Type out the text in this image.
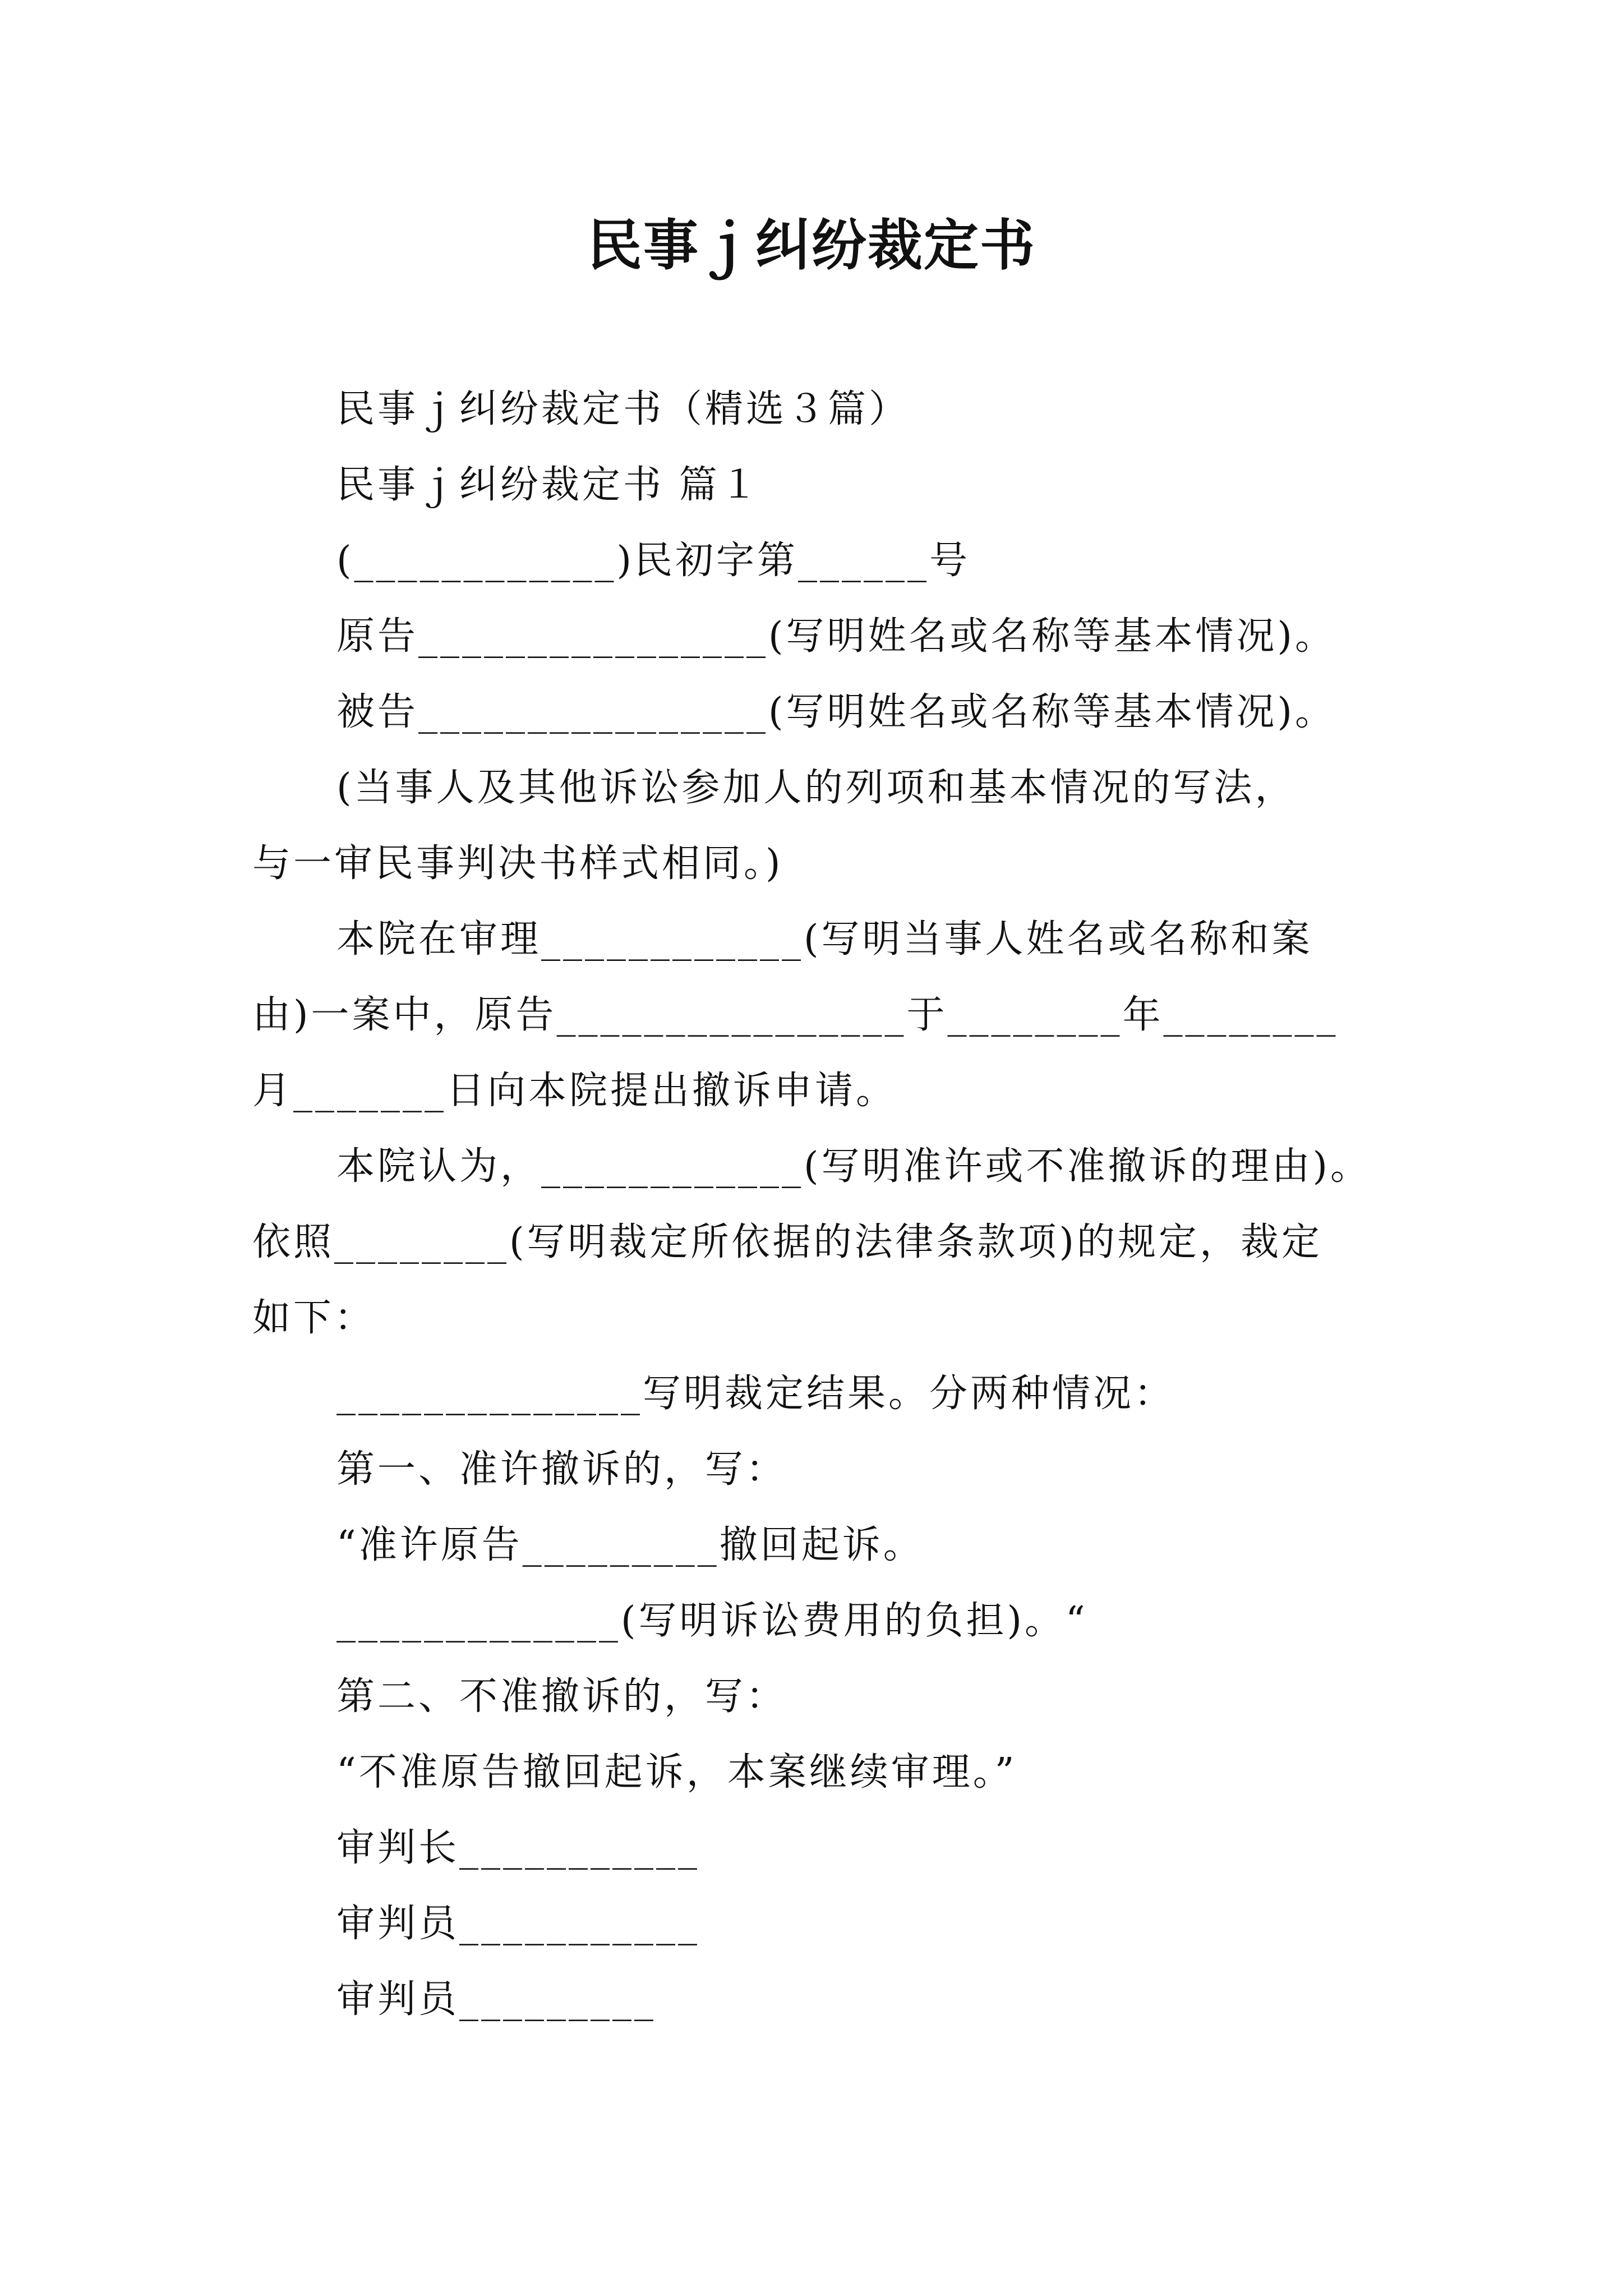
民事ｊ纠纷裁定书
民事ｊ纠纷裁定书（精选３篇）
民事ｊ纠纷裁定书 篇１
(____________)民初字第______号
原告________________(写明姓名或名称等基本情况)。
被告________________(写明姓名或名称等基本情况)。
(当事人及其他诉讼参加人的列项和基本情况的写法，
与一审民事判决书样式相同。)
本院在审理____________(写明当事人姓名或名称和案
由)一案中，原告________________于________年________
月_______日向本院提出撤诉申请。
本院认为，____________(写明准许或不准撤诉的理由)。
依照________(写明裁定所依据的法律条款项)的规定，裁定
如下：
______________写明裁定结果。分两种情况：
第一、准许撤诉的，写：
“准许原告_________撤回起诉。
_____________(写明诉讼费用的负担)。“
第二、不准撤诉的，写：
“不准原告撤回起诉，本案继续审理。”
审判长___________
审判员___________
审判员_________
